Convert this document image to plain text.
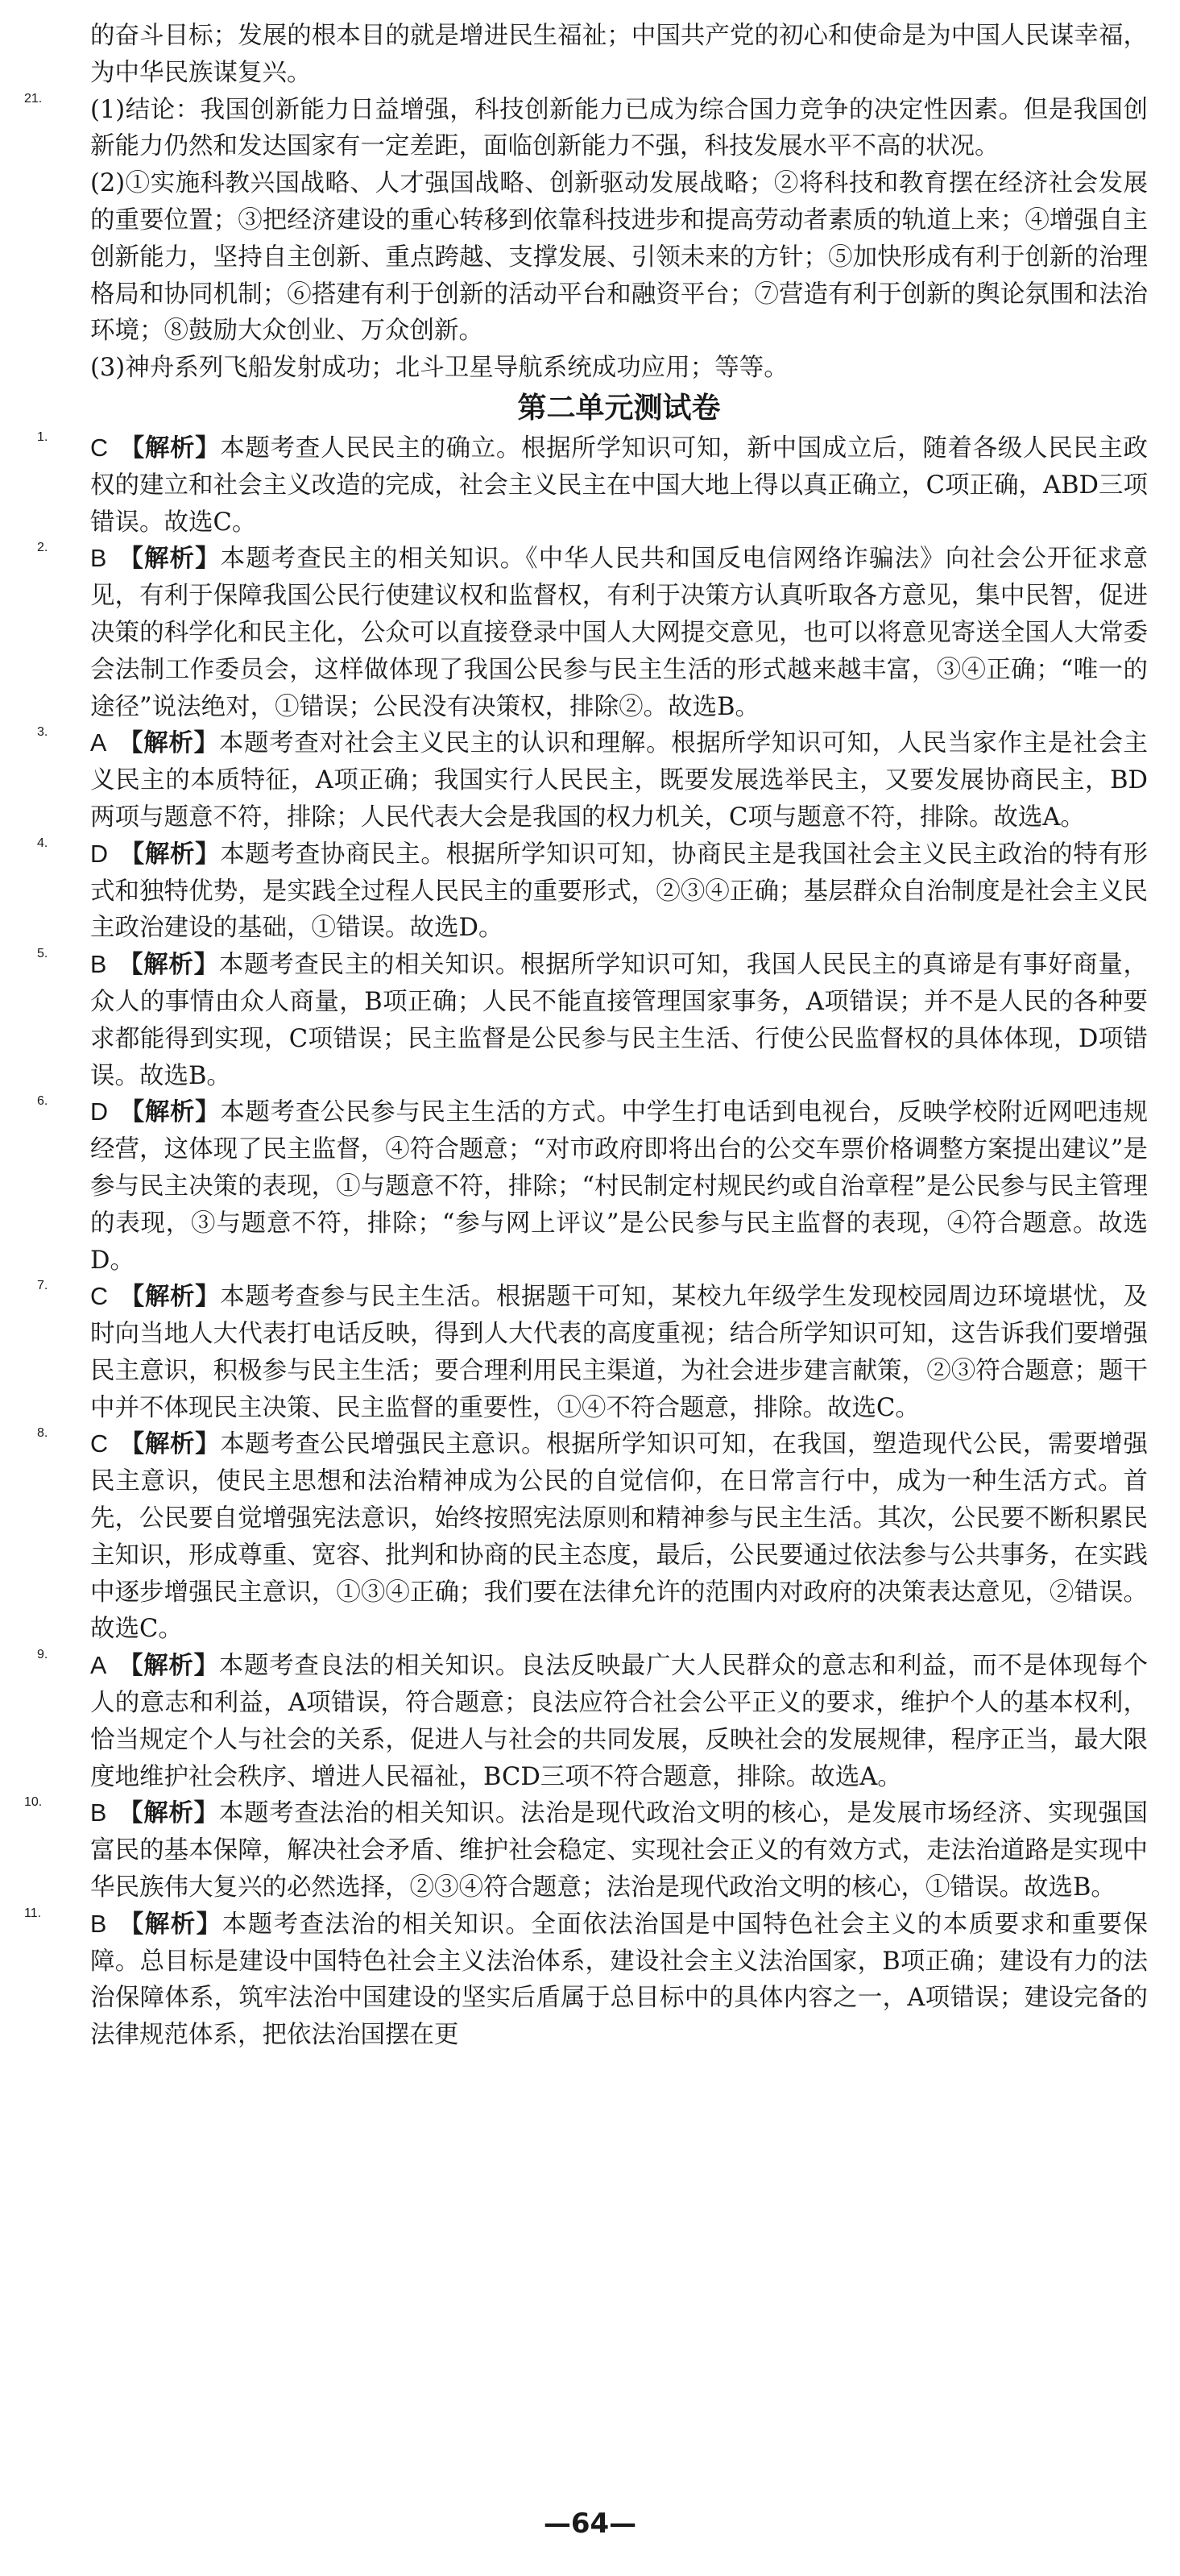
的奋斗目标；发展的根本目的就是增进民生福祉；中国共产党的初心和使命是为中国人民谋幸福，为中华民族谋复兴。

21. (1)结论：我国创新能力日益增强，科技创新能力已成为综合国力竞争的决定性因素。但是我国创新能力仍然和发达国家有一定差距，面临创新能力不强，科技发展水平不高的状况。

(2)①实施科教兴国战略、人才强国战略、创新驱动发展战略；②将科技和教育摆在经济社会发展的重要位置；③把经济建设的重心转移到依靠科技进步和提高劳动者素质的轨道上来；④增强自主创新能力，坚持自主创新、重点跨越、支撑发展、引领未来的方针；⑤加快形成有利于创新的治理格局和协同机制；⑥搭建有利于创新的活动平台和融资平台；⑦营造有利于创新的舆论氛围和法治环境；⑧鼓励大众创业、万众创新。

(3)神舟系列飞船发射成功；北斗卫星导航系统成功应用；等等。

第二单元测试卷
1. C 【解析】本题考查人民民主的确立。根据所学知识可知，新中国成立后，随着各级人民民主政权的建立和社会主义改造的完成，社会主义民主在中国大地上得以真正确立，C项正确，ABD三项错误。故选C。

2. B 【解析】本题考查民主的相关知识。《中华人民共和国反电信网络诈骗法》向社会公开征求意见，有利于保障我国公民行使建议权和监督权，有利于决策方认真听取各方意见，集中民智，促进决策的科学化和民主化，公众可以直接登录中国人大网提交意见，也可以将意见寄送全国人大常委会法制工作委员会，这样做体现了我国公民参与民主生活的形式越来越丰富，③④正确；“唯一的途径”说法绝对，①错误；公民没有决策权，排除②。故选B。

3. A 【解析】本题考查对社会主义民主的认识和理解。根据所学知识可知，人民当家作主是社会主义民主的本质特征，A项正确；我国实行人民民主，既要发展选举民主，又要发展协商民主，BD两项与题意不符，排除；人民代表大会是我国的权力机关，C项与题意不符，排除。故选A。

4. D 【解析】本题考查协商民主。根据所学知识可知，协商民主是我国社会主义民主政治的特有形式和独特优势，是实践全过程人民民主的重要形式，②③④正确；基层群众自治制度是社会主义民主政治建设的基础，①错误。故选D。

5. B 【解析】本题考查民主的相关知识。根据所学知识可知，我国人民民主的真谛是有事好商量，众人的事情由众人商量，B项正确；人民不能直接管理国家事务，A项错误；并不是人民的各种要求都能得到实现，C项错误；民主监督是公民参与民主生活、行使公民监督权的具体体现，D项错误。故选B。

6. D 【解析】本题考查公民参与民主生活的方式。中学生打电话到电视台，反映学校附近网吧违规经营，这体现了民主监督，④符合题意；“对市政府即将出台的公交车票价格调整方案提出建议”是参与民主决策的表现，①与题意不符，排除；“村民制定村规民约或自治章程”是公民参与民主管理的表现，③与题意不符，排除；“参与网上评议”是公民参与民主监督的表现，④符合题意。故选D。

7. C 【解析】本题考查参与民主生活。根据题干可知，某校九年级学生发现校园周边环境堪忧，及时向当地人大代表打电话反映，得到人大代表的高度重视；结合所学知识可知，这告诉我们要增强民主意识，积极参与民主生活；要合理利用民主渠道，为社会进步建言献策，②③符合题意；题干中并不体现民主决策、民主监督的重要性，①④不符合题意，排除。故选C。

8. C 【解析】本题考查公民增强民主意识。根据所学知识可知，在我国，塑造现代公民，需要增强民主意识，使民主思想和法治精神成为公民的自觉信仰，在日常言行中，成为一种生活方式。首先，公民要自觉增强宪法意识，始终按照宪法原则和精神参与民主生活。其次，公民要不断积累民主知识，形成尊重、宽容、批判和协商的民主态度，最后，公民要通过依法参与公共事务，在实践中逐步增强民主意识，①③④正确；我们要在法律允许的范围内对政府的决策表达意见，②错误。故选C。

9. A 【解析】本题考查良法的相关知识。良法反映最广大人民群众的意志和利益，而不是体现每个人的意志和利益，A项错误，符合题意；良法应符合社会公平正义的要求，维护个人的基本权利，恰当规定个人与社会的关系，促进人与社会的共同发展，反映社会的发展规律，程序正当，最大限度地维护社会秩序、增进人民福祉，BCD三项不符合题意，排除。故选A。

10. B 【解析】本题考查法治的相关知识。法治是现代政治文明的核心，是发展市场经济、实现强国富民的基本保障，解决社会矛盾、维护社会稳定、实现社会正义的有效方式，走法治道路是实现中华民族伟大复兴的必然选择，②③④符合题意；法治是现代政治文明的核心，①错误。故选B。

11. B 【解析】本题考查法治的相关知识。全面依法治国是中国特色社会主义的本质要求和重要保障。总目标是建设中国特色社会主义法治体系，建设社会主义法治国家，B项正确；建设有力的法治保障体系，筑牢法治中国建设的坚实后盾属于总目标中的具体内容之一，A项错误；建设完备的法律规范体系，把依法治国摆在更

—64—
